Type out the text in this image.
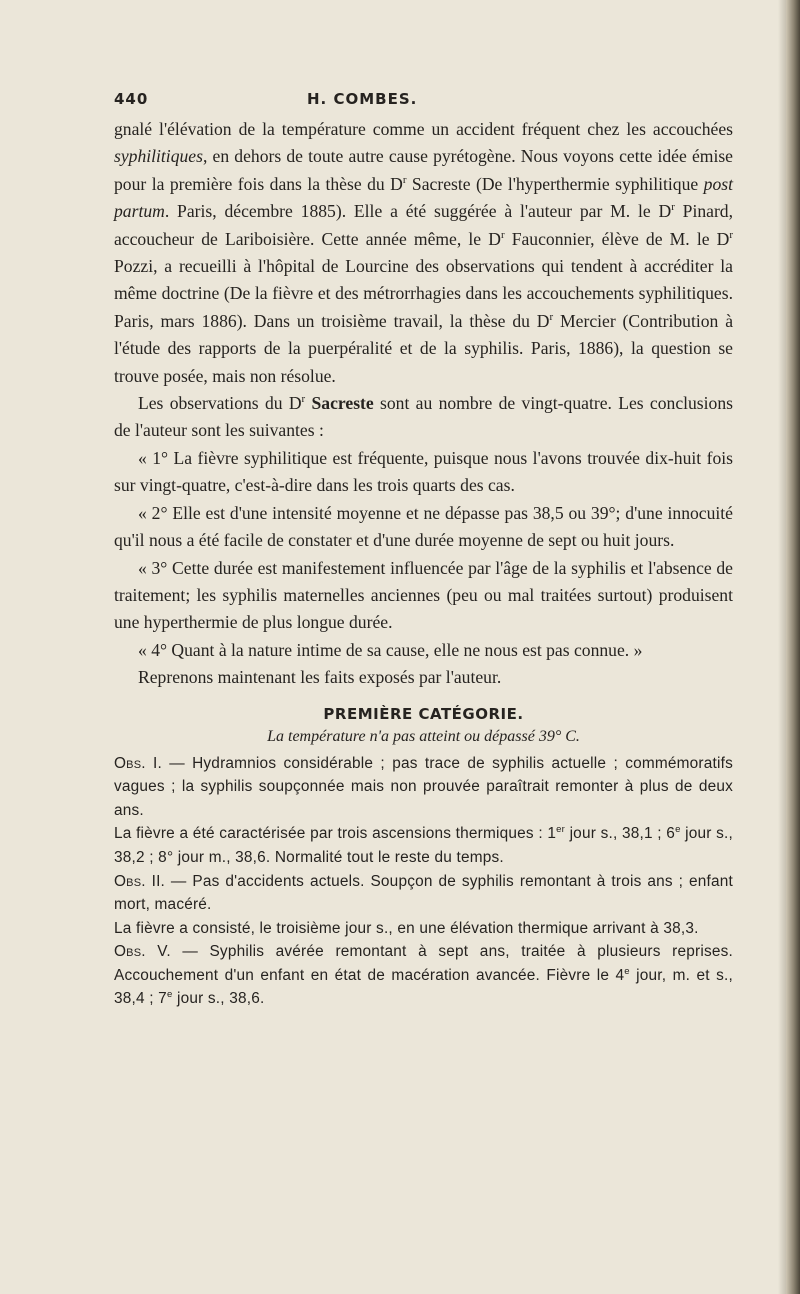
440	H. COMBES.

gnalé l'élévation de la température comme un accident fréquent chez les accouchées syphilitiques, en dehors de toute autre cause pyrétogène. Nous voyons cette idée émise pour la première fois dans la thèse du $D^r$ Sacreste (De l'hyperthermie syphilitique post partum. Paris, décembre 1885). Elle a été suggérée à l'auteur par M. le $D^r$ Pinard, accoucheur de Lariboisière. Cette année même, le $D^r$ Fauconnier, élève de M. le $D^r$ Pozzi, a recueilli à l'hôpital de Lourcine des observations qui tendent à accréditer la même doctrine (De la fièvre et des métrorrhagies dans les accouchements syphilitiques. Paris, mars 1886). Dans un troisième travail, la thèse du $D^r$ Mercier (Contribution à l'étude des rapports de la puerpéralité et de la syphilis. Paris, 1886), la question se trouve posée, mais non résolue.

Les observations du $D^r$ Sacreste sont au nombre de vingt-quatre. Les conclusions de l'auteur sont les suivantes :

« 1° La fièvre syphilitique est fréquente, puisque nous l'avons trouvée dix-huit fois sur vingt-quatre, c'est-à-dire dans les trois quarts des cas.

« 2° Elle est d'une intensité moyenne et ne dépasse pas 38,5 ou 39°; d'une innocuité qu'il nous a été facile de constater et d'une durée moyenne de sept ou huit jours.

« 3° Cette durée est manifestement influencée par l'âge de la syphilis et l'absence de traitement; les syphilis maternelles anciennes (peu ou mal traitées surtout) produisent une hyperthermie de plus longue durée.

« 4° Quant à la nature intime de sa cause, elle ne nous est pas connue. »

Reprenons maintenant les faits exposés par l'auteur.

PREMIÈRE CATÉGORIE.

La température n'a pas atteint ou dépassé 39° C.

Obs. I. — Hydramnios considérable ; pas trace de syphilis actuelle ; commémoratifs vagues ; la syphilis soupçonnée mais non prouvée paraîtrait remonter à plus de deux ans.

La fièvre a été caractérisée par trois ascensions thermiques : 1er jour s., 38,1 ; 6e jour s., 38,2 ; 8° jour m., 38,6. Normalité tout le reste du temps.

Obs. II. — Pas d'accidents actuels. Soupçon de syphilis remontant à trois ans ; enfant mort, macéré.

La fièvre a consisté, le troisième jour s., en une élévation thermique arrivant à 38,3.

Obs. V. — Syphilis avérée remontant à sept ans, traitée à plusieurs reprises. Accouchement d'un enfant en état de macération avancée. Fièvre le 4e jour, m. et s., 38,4 ; 7e jour s., 38,6.
